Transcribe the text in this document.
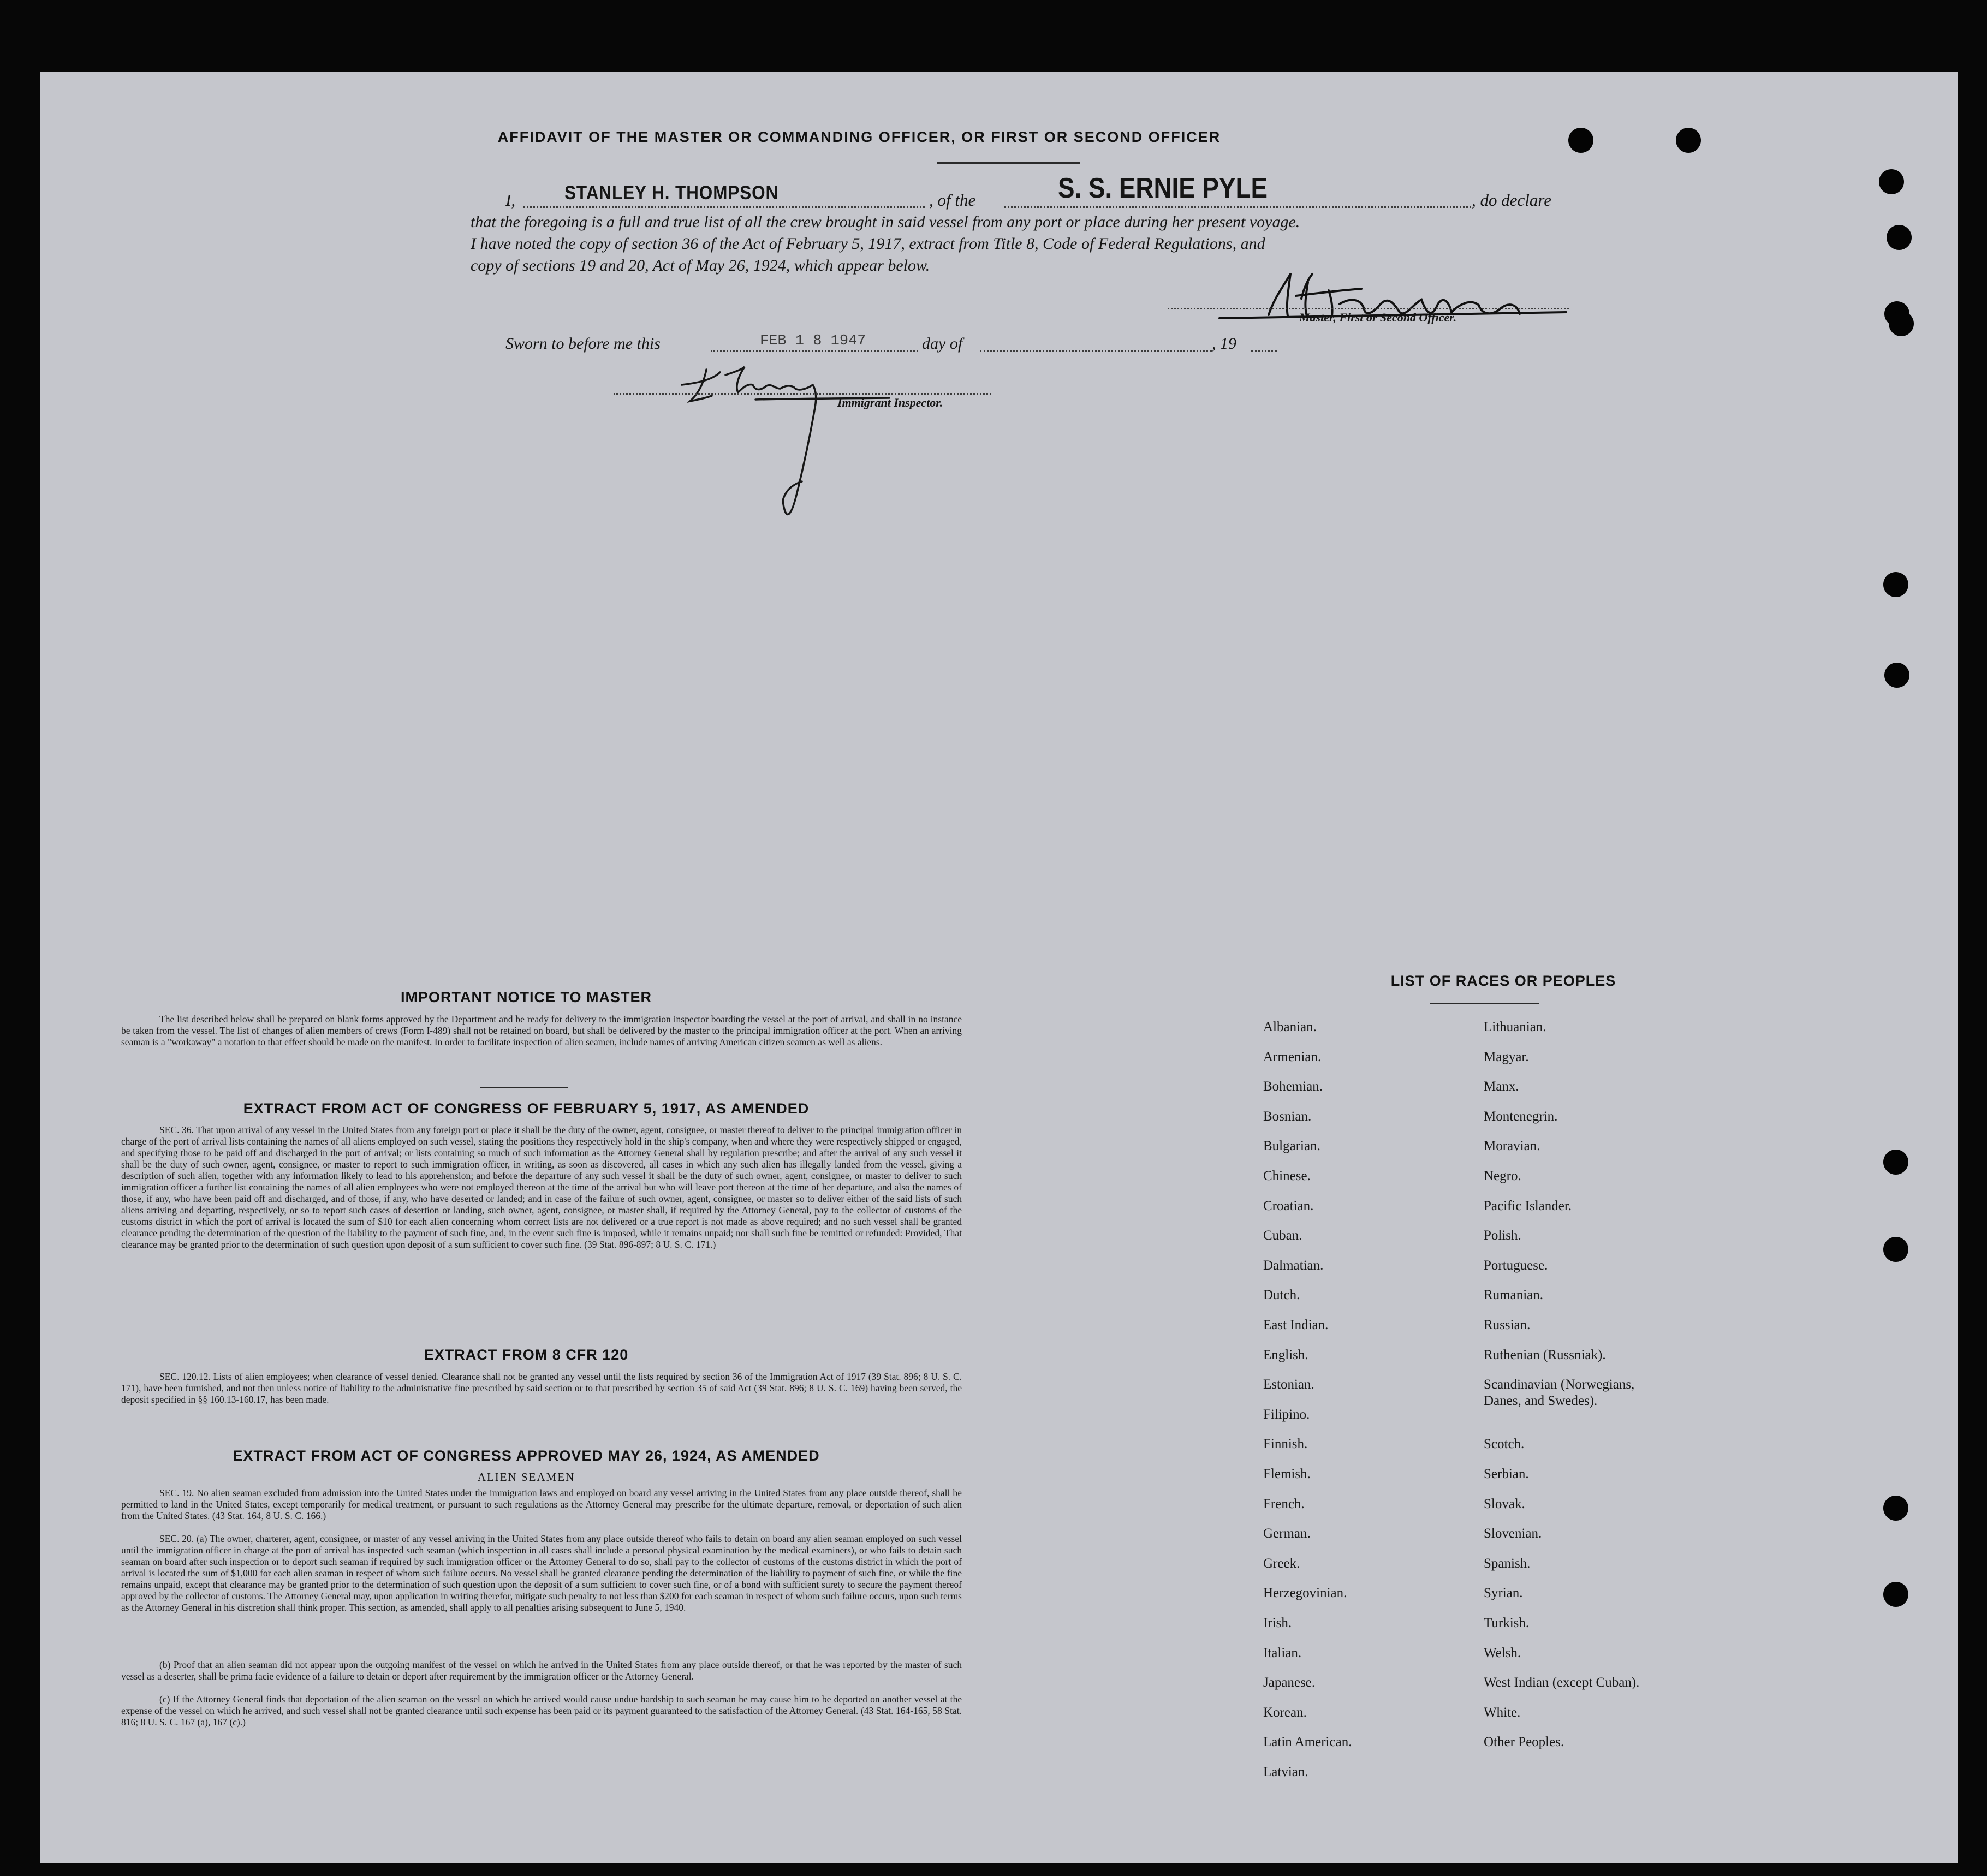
AFFIDAVIT OF THE MASTER OR COMMANDING OFFICER, OR FIRST OR SECOND OFFICER
I,	STANLEY H. THOMPSON	, of the	S. S. ERNIE PYLE	, do declare
that the foregoing is a full and true list of all the crew brought in said vessel from any port or place during her present voyage.
I have noted the copy of section 36 of the Act of February 5, 1917, extract from Title 8, Code of Federal Regulations, and
copy of sections 19 and 20, Act of May 26, 1924, which appear below.
Master, First or Second Officer.
Sworn to before me this	FEB 1 8 1947	day of	, 19
Immigrant Inspector.
IMPORTANT NOTICE TO MASTER
The list described below shall be prepared on blank forms approved by the Department and be ready for delivery to the immigration inspector boarding the vessel at the port of arrival, and shall in no instance be taken from the vessel. The list of changes of alien members of crews (Form I-489) shall not be retained on board, but shall be delivered by the master to the principal immigration officer at the port. When an arriving seaman is a "workaway" a notation to that effect should be made on the manifest. In order to facilitate inspection of alien seamen, include names of arriving American citizen seamen as well as aliens.
EXTRACT FROM ACT OF CONGRESS OF FEBRUARY 5, 1917, AS AMENDED
SEC. 36. That upon arrival of any vessel in the United States from any foreign port or place it shall be the duty of the owner, agent, consignee, or master thereof to deliver to the principal immigration officer in charge of the port of arrival lists containing the names of all aliens employed on such vessel, stating the positions they respectively hold in the ship's company, when and where they were respectively shipped or engaged, and specifying those to be paid off and discharged in the port of arrival; or lists containing so much of such information as the Attorney General shall by regulation prescribe; and after the arrival of any such vessel it shall be the duty of such owner, agent, consignee, or master to report to such immigration officer, in writing, as soon as discovered, all cases in which any such alien has illegally landed from the vessel, giving a description of such alien, together with any information likely to lead to his apprehension; and before the departure of any such vessel it shall be the duty of such owner, agent, consignee, or master to deliver to such immigration officer a further list containing the names of all alien employees who were not employed thereon at the time of the arrival but who will leave port thereon at the time of her departure, and also the names of those, if any, who have been paid off and discharged, and of those, if any, who have deserted or landed; and in case of the failure of such owner, agent, consignee, or master so to deliver either of the said lists of such aliens arriving and departing, respectively, or so to report such cases of desertion or landing, such owner, agent, consignee, or master shall, if required by the Attorney General, pay to the collector of customs of the customs district in which the port of arrival is located the sum of $10 for each alien concerning whom correct lists are not delivered or a true report is not made as above required; and no such vessel shall be granted clearance pending the determination of the question of the liability to the payment of such fine, and, in the event such fine is imposed, while it remains unpaid; nor shall such fine be remitted or refunded: Provided, That clearance may be granted prior to the determination of such question upon deposit of a sum sufficient to cover such fine. (39 Stat. 896-897; 8 U. S. C. 171.)
EXTRACT FROM 8 CFR 120
SEC. 120.12. Lists of alien employees; when clearance of vessel denied. Clearance shall not be granted any vessel until the lists required by section 36 of the Immigration Act of 1917 (39 Stat. 896; 8 U. S. C. 171), have been furnished, and not then unless notice of liability to the administrative fine prescribed by said section or to that prescribed by section 35 of said Act (39 Stat. 896; 8 U. S. C. 169) having been served, the deposit specified in §§ 160.13-160.17, has been made.
EXTRACT FROM ACT OF CONGRESS APPROVED MAY 26, 1924, AS AMENDED
ALIEN SEAMEN
SEC. 19. No alien seaman excluded from admission into the United States under the immigration laws and employed on board any vessel arriving in the United States from any place outside thereof, shall be permitted to land in the United States, except temporarily for medical treatment, or pursuant to such regulations as the Attorney General may prescribe for the ultimate departure, removal, or deportation of such alien from the United States. (43 Stat. 164, 8 U. S. C. 166.)
SEC. 20. (a) The owner, charterer, agent, consignee, or master of any vessel arriving in the United States from any place outside thereof who fails to detain on board any alien seaman employed on such vessel until the immigration officer in charge at the port of arrival has inspected such seaman (which inspection in all cases shall include a personal physical examination by the medical examiners), or who fails to detain such seaman on board after such inspection or to deport such seaman if required by such immigration officer or the Attorney General to do so, shall pay to the collector of customs of the customs district in which the port of arrival is located the sum of $1,000 for each alien seaman in respect of whom such failure occurs. No vessel shall be granted clearance pending the determination of the liability to payment of such fine, or while the fine remains unpaid, except that clearance may be granted prior to the determination of such question upon the deposit of a sum sufficient to cover such fine, or of a bond with sufficient surety to secure the payment thereof approved by the collector of customs. The Attorney General may, upon application in writing therefor, mitigate such penalty to not less than $200 for each seaman in respect of whom such failure occurs, upon such terms as the Attorney General in his discretion shall think proper. This section, as amended, shall apply to all penalties arising subsequent to June 5, 1940.
(b) Proof that an alien seaman did not appear upon the outgoing manifest of the vessel on which he arrived in the United States from any place outside thereof, or that he was reported by the master of such vessel as a deserter, shall be prima facie evidence of a failure to detain or deport after requirement by the immigration officer or the Attorney General.
(c) If the Attorney General finds that deportation of the alien seaman on the vessel on which he arrived would cause undue hardship to such seaman he may cause him to be deported on another vessel at the expense of the vessel on which he arrived, and such vessel shall not be granted clearance until such expense has been paid or its payment guaranteed to the satisfaction of the Attorney General. (43 Stat. 164-165, 58 Stat. 816; 8 U. S. C. 167 (a), 167 (c).)
LIST OF RACES OR PEOPLES
Albanian.
Armenian.
Bohemian.
Bosnian.
Bulgarian.
Chinese.
Croatian.
Cuban.
Dalmatian.
Dutch.
East Indian.
English.
Estonian.
Filipino.
Finnish.
Flemish.
French.
German.
Greek.
Herzegovinian.
Irish.
Italian.
Japanese.
Korean.
Latin American.
Latvian.
Lithuanian.
Magyar.
Manx.
Montenegrin.
Moravian.
Negro.
Pacific Islander.
Polish.
Portuguese.
Rumanian.
Russian.
Ruthenian (Russniak).
Scandinavian (Norwegians,
Danes, and Swedes).
Scotch.
Serbian.
Slovak.
Slovenian.
Spanish.
Syrian.
Turkish.
Welsh.
West Indian (except Cuban).
White.
Other Peoples.
